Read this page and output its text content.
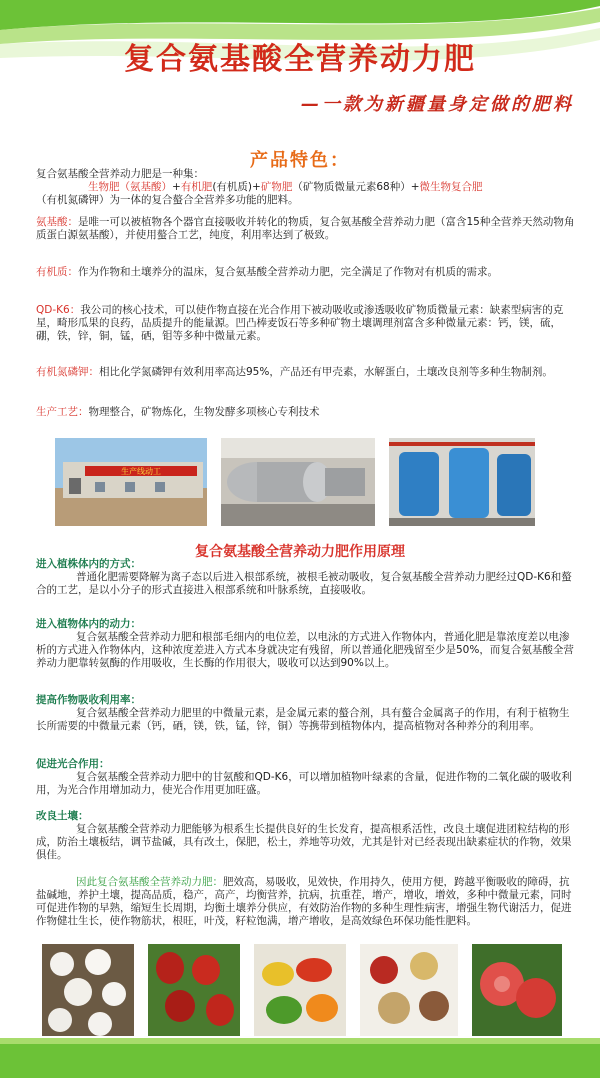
复合氨基酸全营养动力肥
—一款为新疆量身定做的肥料
产品特色：
复合氨基酸全营养动力肥是一种集：
生物肥（氨基酸）+有机肥(有机质)+矿物肥（矿物质微量元素68种）+微生物复合肥
（有机氮磷钾）为一体的复合螯合全营养多功能的肥料。
氨基酸：是唯一可以被植物各个器官直接吸收并转化的物质，复合氨基酸全营养动力肥（富含15种全营养天然动物角质蛋白源氨基酸），并使用螯合工艺，纯度，利用率达到了极致。
有机质：作为作物和土壤养分的温床，复合氨基酸全营养动力肥，完全满足了作物对有机质的需求。
QD-K6：我公司的核心技术，可以使作物直接在光合作用下被动吸收或渗透吸收矿物质微量元素：缺素型病害的克星，畸形瓜果的良药，品质提升的能量源。凹凸棒麦饭石等多种矿物土壤调理剂富含多种微量元素：钙，镁，硫，硼，铁，锌，铜，锰，硒，钼等多种中微量元素。
有机氮磷钾：相比化学氮磷钾有效利用率高达95%，产品还有甲壳素，水解蛋白，土壤改良剂等多种生物制剂。
生产工艺：物理整合，矿物炼化，生物发酵多项核心专利技术
生产线动工
复合氨基酸全营养动力肥作用原理
进入植株体内的方式：
普通化肥需要降解为离子态以后进入根部系统，被根毛被动吸收，复合氨基酸全营养动力肥经过QD-K6和螯合的工艺，是以小分子的形式直接进入根部系统和叶脉系统，直接吸收。
进入植物体内的动力：
复合氨基酸全营养动力肥和根部毛细内的电位差，以电泳的方式进入作物体内，普通化肥是靠浓度差以电渗析的方式进入作物体内，这种浓度差进入方式本身就决定有残留，所以普通化肥残留至少是50%，而复合氨基酸全营养动力肥靠转氨酶的作用吸收，生长酶的作用很大，吸收可以达到90%以上。
提高作物吸收利用率：
复合氨基酸全营养动力肥里的中微量元素，是金属元素的螯合剂，具有螯合金属离子的作用，有利于植物生长所需要的中微量元素（钙，硒，镁，铁，锰，锌，铜）等携带到植物体内，提高植物对各种养分的利用率。
促进光合作用：
复合氨基酸全营养动力肥中的甘氨酸和QD-K6，可以增加植物叶绿素的含量，促进作物的二氧化碳的吸收利用，为光合作用增加动力，使光合作用更加旺盛。
改良土壤：
复合氨基酸全营养动力肥能够为根系生长提供良好的生长发育，提高根系活性，改良土壤促进团粒结构的形成，防治土壤板结，调节盐碱，具有改土，保肥，松土，养地等功效，尤其是针对已经表现出缺素症状的作物，效果俱佳。
因此复合氨基酸全营养动力肥：肥效高，易吸收，见效快，作用持久，使用方便，跨越平衡吸收的障碍，抗盐碱地，养护土壤，提高品质，稳产，高产，均衡营养，抗病，抗重茬，增产，增收，增效，多种中微量元素，同时可促进作物的早熟，缩短生长周期，均衡土壤养分供应，有效防治作物的多种生理性病害，增强生物代谢活力，促进作物健壮生长，使作物筋状，根旺，叶茂，籽粒饱满，增产增收，是高效绿色环保功能性肥料。
